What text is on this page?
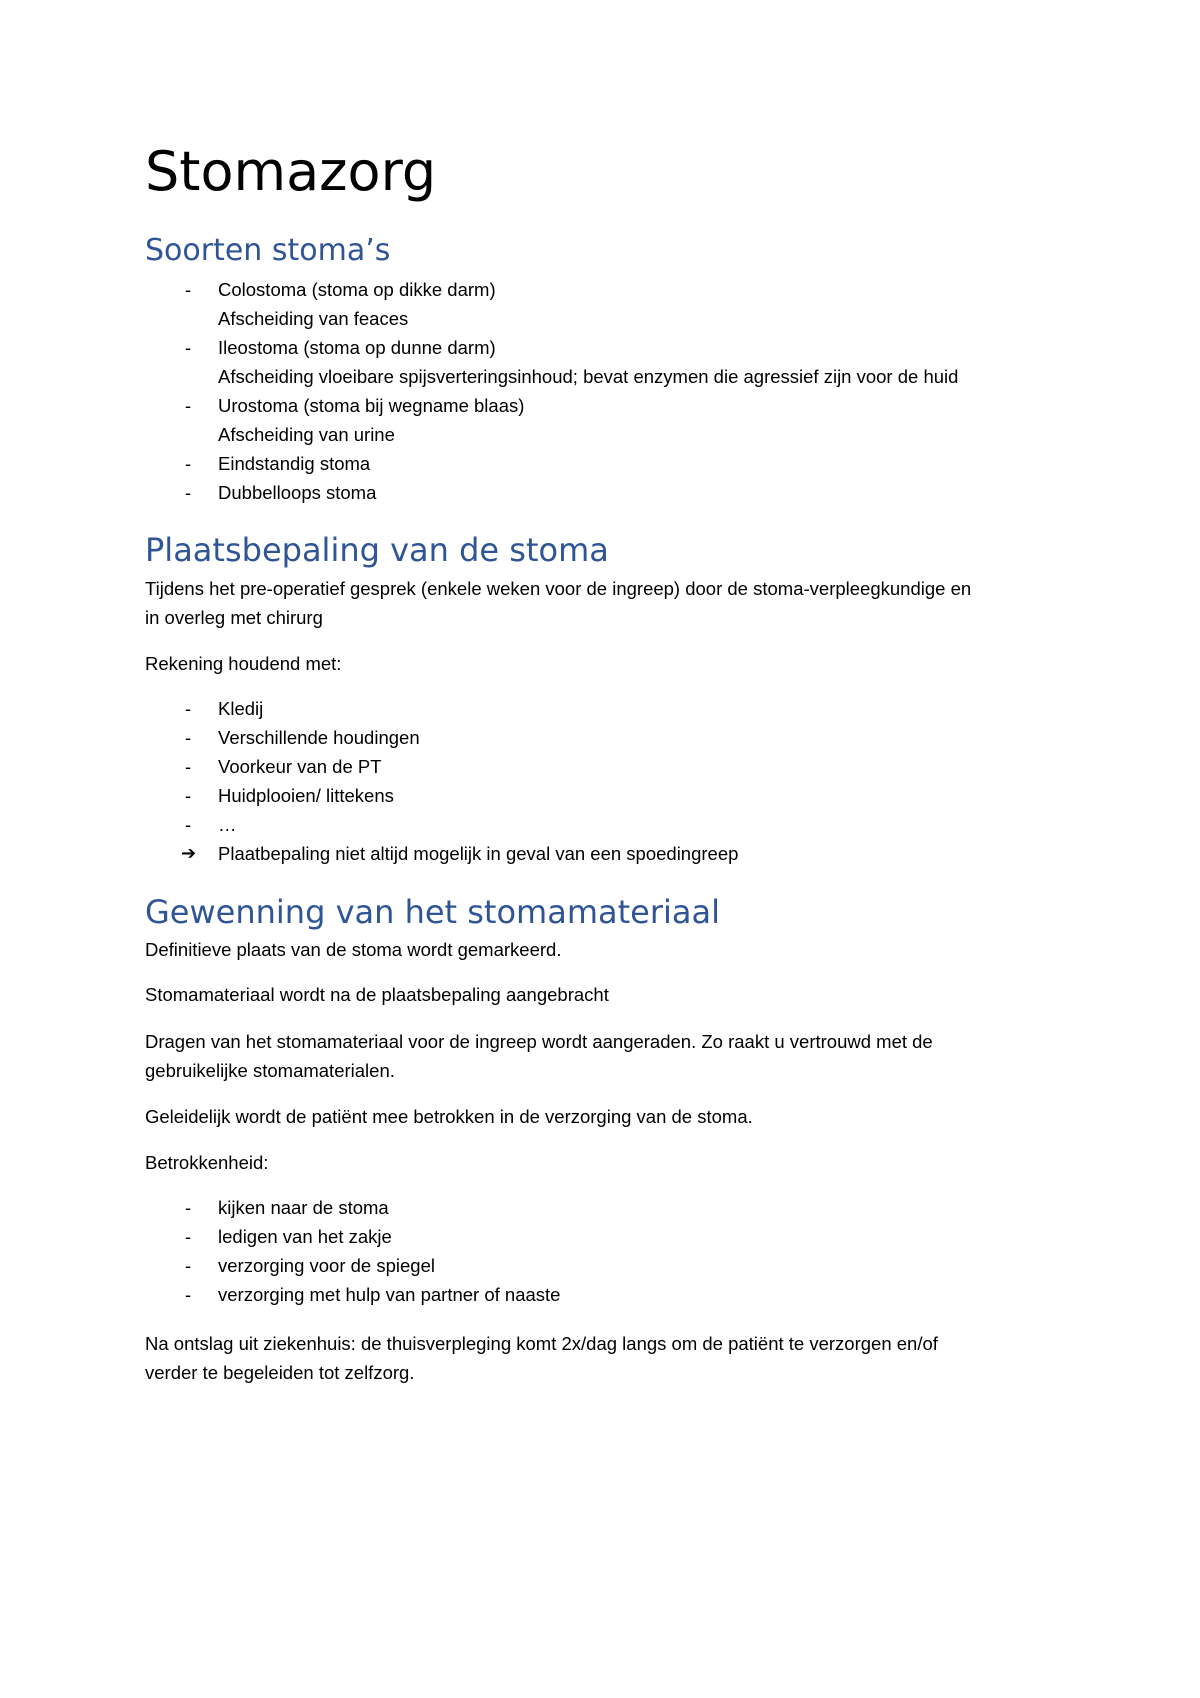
Stomazorg
Soorten stoma’s
-	Colostoma (stoma op dikke darm)
Afscheiding van feaces
-	Ileostoma (stoma op dunne darm)
Afscheiding vloeibare spijsverteringsinhoud; bevat enzymen die agressief zijn voor de huid
-	Urostoma (stoma bij wegname blaas)
Afscheiding van urine
-	Eindstandig stoma
-	Dubbelloops stoma
Plaatsbepaling van de stoma

Tijdens het pre-operatief gesprek (enkele weken voor de ingreep) door de stoma-verpleegkundige en

in overleg met chirurg

Rekening houdend met:

-	Kledij
-	Verschillende houdingen
-	Voorkeur van de PT
-	Huidplooien/ littekens
-	…
➔ Plaatbepaling niet altijd mogelijk in geval van een spoedingreep
Gewenning van het stomamateriaal

Definitieve plaats van de stoma wordt gemarkeerd.

Stomamateriaal wordt na de plaatsbepaling aangebracht

Dragen van het stomamateriaal voor de ingreep wordt aangeraden. Zo raakt u vertrouwd met de

gebruikelijke stomamaterialen.

Geleidelijk wordt de patiënt mee betrokken in de verzorging van de stoma.

Betrokkenheid:

-	kijken naar de stoma
-	ledigen van het zakje
-	verzorging voor de spiegel
-	verzorging met hulp van partner of naaste

Na ontslag uit ziekenhuis: de thuisverpleging komt 2x/dag langs om de patiënt te verzorgen en/of

verder te begeleiden tot zelfzorg.
